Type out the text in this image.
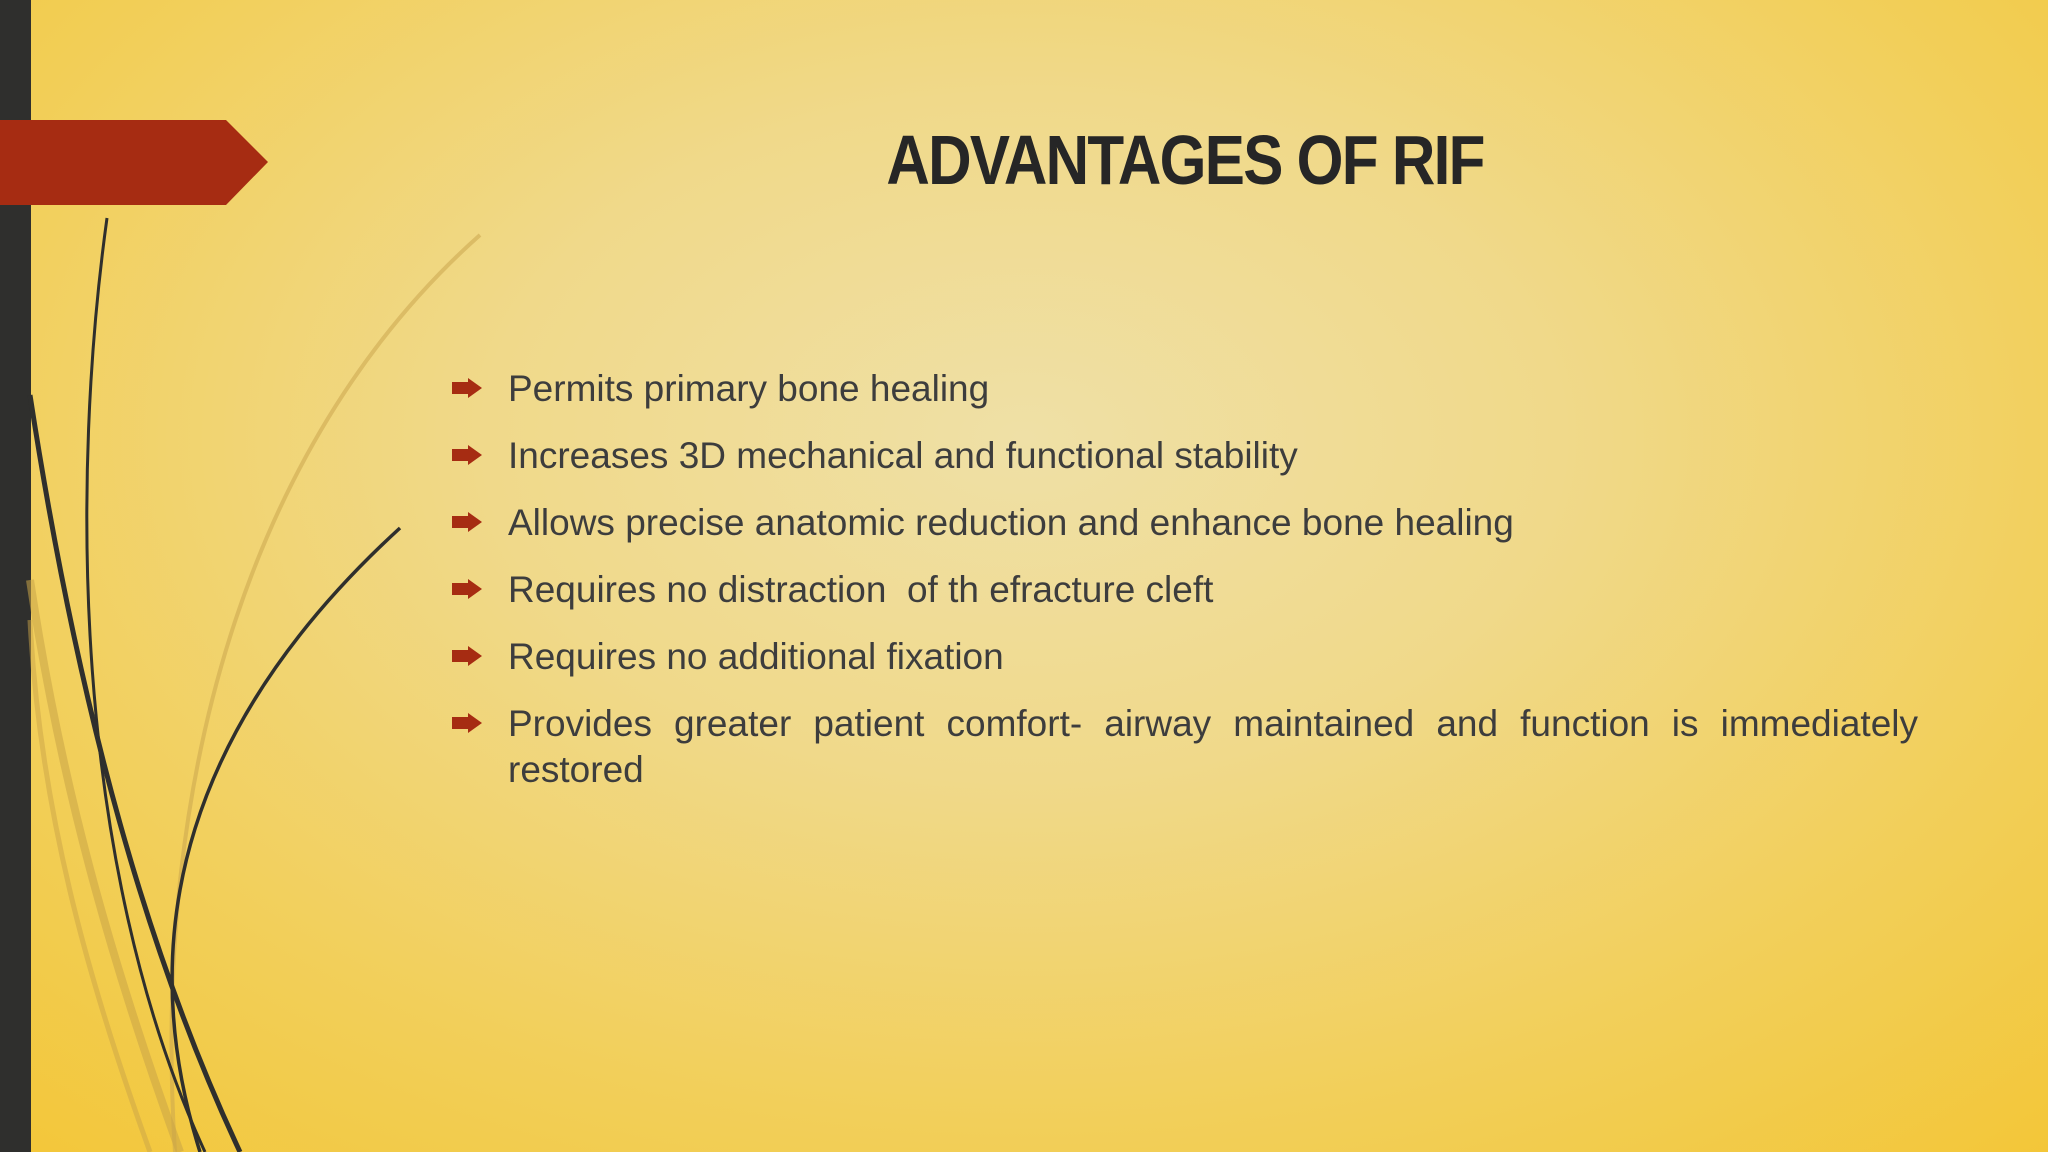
ADVANTAGES OF RIF
Permits primary bone healing
Increases 3D mechanical and functional stability
Allows precise anatomic reduction and enhance bone healing
Requires no distraction  of th efracture cleft
Requires no additional fixation
Provides greater patient comfort- airway maintained and function is immediately restored
